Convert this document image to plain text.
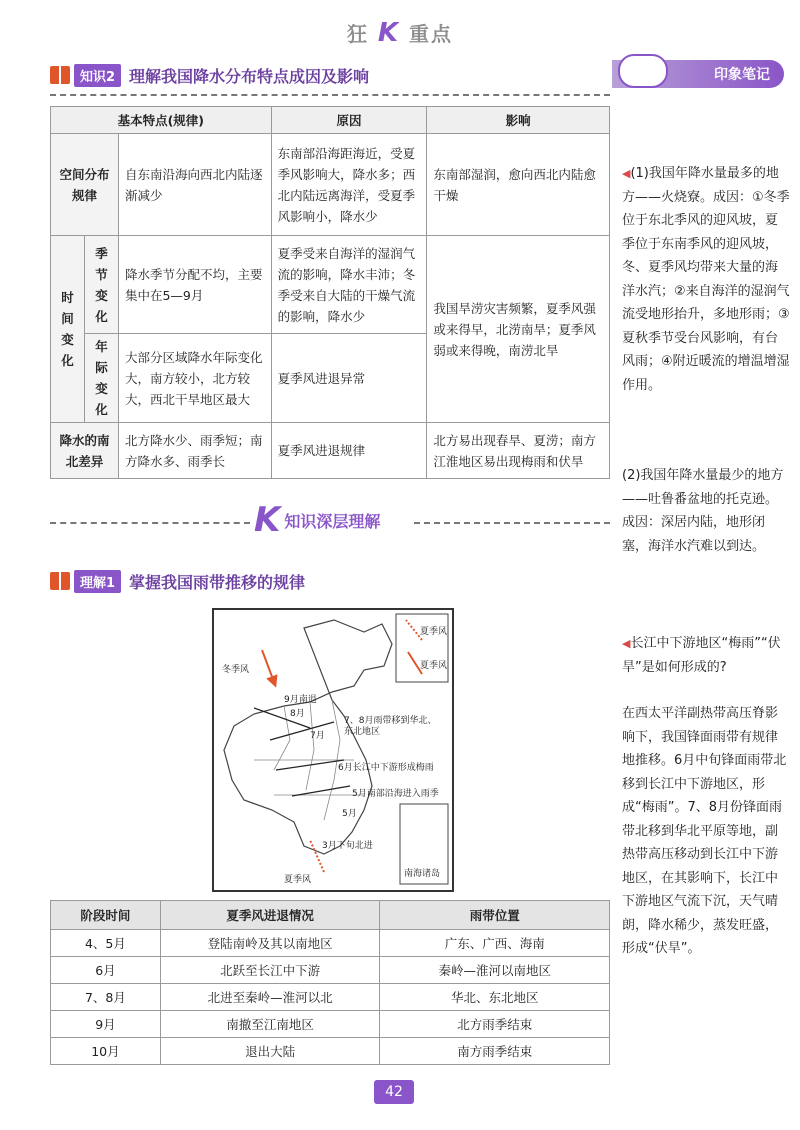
狂 K 重点
知识2 理解我国降水分布特点成因及影响
基本特点(规律)			原因	影响
空间分布规律		自东南沿海向西北内陆逐渐减少	东南部沿海距海近，受夏季风影响大，降水多；西北内陆远离海洋，受夏季风影响小，降水少	东南部湿润，愈向西北内陆愈干燥
时间变化	季节变化	降水季节分配不均，主要集中在5—9月	夏季受来自海洋的湿润气流的影响，降水丰沛；冬季受来自大陆的干燥气流的影响，降水少	我国旱涝灾害频繁，夏季风强或来得早，北涝南旱；夏季风弱或来得晚，南涝北旱
	年际变化	大部分区域降水年际变化大，南方较小，北方较大，西北干旱地区最大	夏季风进退异常	
降水的南北差异		北方降水少、雨季短；南方降水多、雨季长	夏季风进退规律	北方易出现春旱、夏涝；南方江淮地区易出现梅雨和伏旱
K 知识深层理解
理解1 掌握我国雨带推移的规律
冬季风
夏季风
夏季风
夏季风
9月南退
8月
7月
7、8月雨带移到华北、东北地区
6月长江中下游形成梅雨
5月南部沿海进入雨季
5月
3月下旬北进
南海诸岛
阶段时间	夏季风进退情况	雨带位置
4、5月	登陆南岭及其以南地区	广东、广西、海南
6月	北跃至长江中下游	秦岭—淮河以南地区
7、8月	北进至秦岭—淮河以北	华北、东北地区
9月	南撤至江南地区	北方雨季结束
10月	退出大陆	南方雨季结束
印象笔记
◀(1)我国年降水量最多的地方——火烧寮。成因：①冬季位于东北季风的迎风坡，夏季位于东南季风的迎风坡，冬、夏季风均带来大量的海洋水汽；②来自海洋的湿润气流受地形抬升，多地形雨；③夏秋季节受台风影响，有台风雨；④附近暖流的增温增湿作用。
(2)我国年降水量最少的地方——吐鲁番盆地的托克逊。成因：深居内陆，地形闭塞，海洋水汽难以到达。
◀长江中下游地区“梅雨”“伏旱”是如何形成的?
在西太平洋副热带高压脊影响下，我国锋面雨带有规律地推移。6月中旬锋面雨带北移到长江中下游地区，形成“梅雨”。7、8月份锋面雨带北移到华北平原等地，副热带高压移动到长江中下游地区，在其影响下，长江中下游地区气流下沉，天气晴朗，降水稀少，蒸发旺盛，形成“伏旱”。
42
